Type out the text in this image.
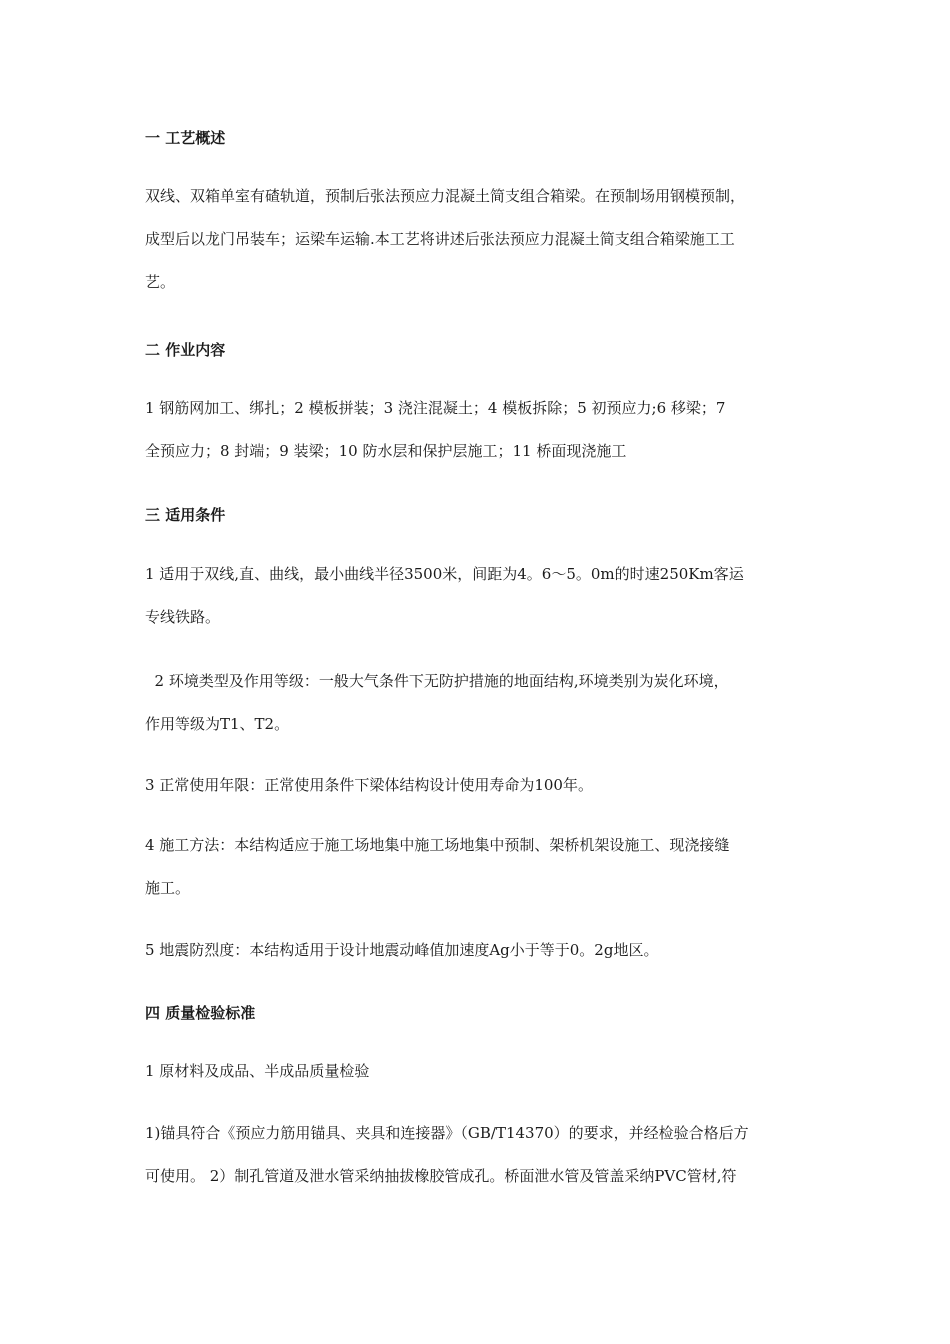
一 工艺概述
双线、双箱单室有碴轨道，预制后张法预应力混凝土简支组合箱梁。在预制场用钢模预制，
成型后以龙门吊装车；运梁车运输.本工艺将讲述后张法预应力混凝土简支组合箱梁施工工
艺。
二 作业内容
1 钢筋网加工、绑扎；2 模板拼装；3 浇注混凝土；4 模板拆除；5 初预应力;6 移梁；7
全预应力；8 封端；9 装梁；10 防水层和保护层施工；11 桥面现浇施工
三 适用条件
1 适用于双线,直、曲线，最小曲线半径3500米，间距为4。6～5。0m的时速250Km客运
专线铁路。
2 环境类型及作用等级：一般大气条件下无防护措施的地面结构,环境类别为炭化环境，
作用等级为T1、T2。
3 正常使用年限：正常使用条件下梁体结构设计使用寿命为100年。
4 施工方法：本结构适应于施工场地集中施工场地集中预制、架桥机架设施工、现浇接缝
施工。
5 地震防烈度：本结构适用于设计地震动峰值加速度Ag小于等于0。2g地区。
四 质量检验标准
1 原材料及成品、半成品质量检验
1)锚具符合《预应力筋用锚具、夹具和连接器》（GB/T14370）的要求，并经检验合格后方
可使用。 2）制孔管道及泄水管采纳抽拔橡胶管成孔。桥面泄水管及管盖采纳PVC管材,符
